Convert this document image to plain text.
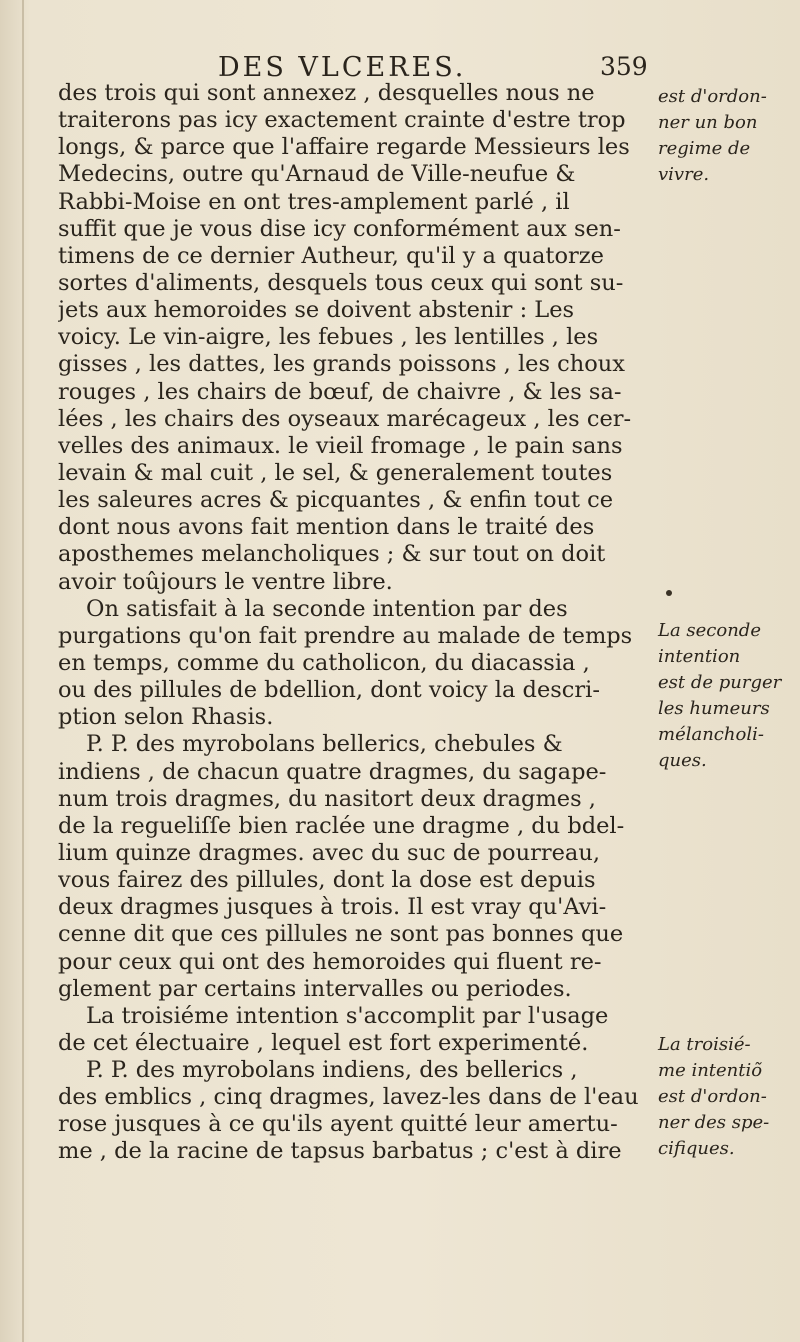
DES VLCERES.	359
des trois qui sont annexez , desquelles nous ne
traiterons pas icy exactement crainte d'estre trop
longs, & parce que l'affaire regarde Messieurs les
Medecins, outre qu'Arnaud de Ville-neufue &
Rabbi-Moise en ont tres-amplement parlé , il
suffit que je vous dise icy conformément aux sen-
timens de ce dernier Autheur, qu'il y a quatorze
sortes d'aliments, desquels tous ceux qui sont su-
jets aux hemoroides se doivent abstenir : Les
voicy. Le vin-aigre, les febues , les lentilles , les
gisses , les dattes, les grands poissons , les choux
rouges , les chairs de bœuf, de chaivre , & les sa-
lées , les chairs des oyseaux marécageux , les cer-
velles des animaux. le vieil fromage , le pain sans
levain & mal cuit , le sel, & generalement toutes
les saleures acres & picquantes , & enfin tout ce
dont nous avons fait mention dans le traité des
aposthemes melancholiques ; & sur tout on doit
avoir toûjours le ventre libre.
On satisfait à la seconde intention par des
purgations qu'on fait prendre au malade de temps
en temps, comme du catholicon, du diacassia ,
ou des pillules de bdellion, dont voicy la descri-
ption selon Rhasis.
P. P. des myrobolans bellerics, chebules &
indiens , de chacun quatre dragmes, du sagape-
num trois dragmes, du nasitort deux dragmes ,
de la regueliſſe bien raclée une dragme , du bdel-
lium quinze dragmes. avec du suc de pourreau,
vous fairez des pillules, dont la dose est depuis
deux dragmes jusques à trois. Il est vray qu'Avi-
cenne dit que ces pillules ne sont pas bonnes que
pour ceux qui ont des hemoroides qui fluent re-
glement par certains intervalles ou periodes.
La troisiéme intention s'accomplit par l'usage
de cet électuaire , lequel est fort experimenté.
P. P. des myrobolans indiens, des bellerics ,
des emblics , cinq dragmes, lavez-les dans de l'eau
rose jusques à ce qu'ils ayent quitté leur amertu-
me , de la racine de tapsus barbatus ; c'est à dire
est d'ordon-
ner un bon
regime de
vivre.
La seconde
intention
est de purger
les humeurs
mélancholi-
ques.
La troisié-
me intentiõ
est d'ordon-
ner des spe-
cifiques.
